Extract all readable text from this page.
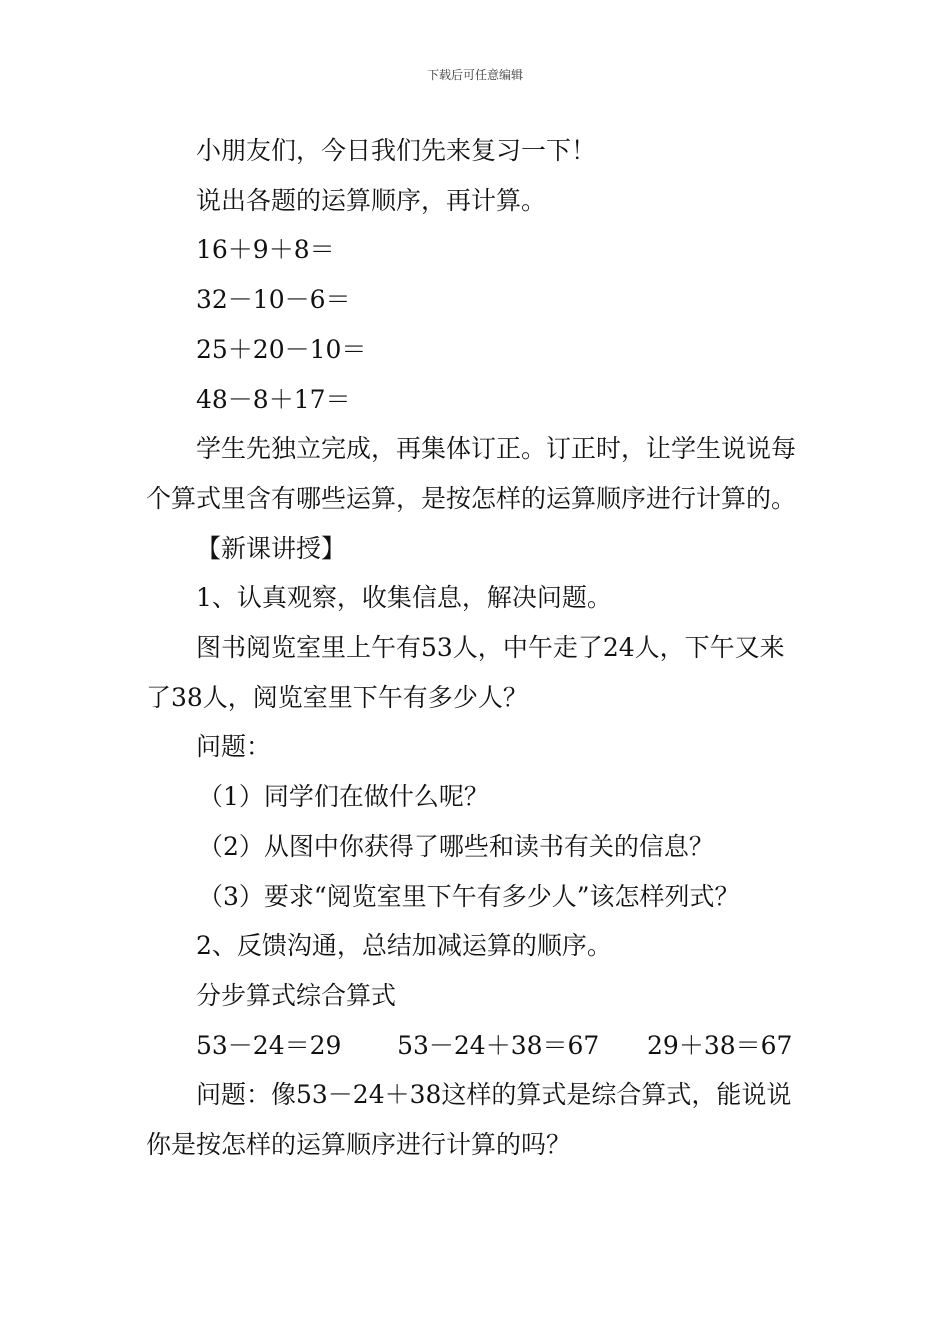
下载后可任意编辑

小朋友们，今日我们先来复习一下！

说出各题的运算顺序，再计算。

16＋9＋8＝

32－10－6＝

25＋20－10＝

48－8＋17＝

学生先独立完成，再集体订正。订正时，让学生说说每个算式里含有哪些运算，是按怎样的运算顺序进行计算的。

【新课讲授】

1、认真观察，收集信息，解决问题。

图书阅览室里上午有53人，中午走了24人，下午又来了38人，阅览室里下午有多少人？

问题：

（1）同学们在做什么呢？

（2）从图中你获得了哪些和读书有关的信息？

（3）要求“阅览室里下午有多少人”该怎样列式？

2、反馈沟通，总结加减运算的顺序。

分步算式综合算式

53－24＝29 53－24＋38＝67 29＋38＝67

问题：像53－24＋38这样的算式是综合算式，能说说你是按怎样的运算顺序进行计算的吗？
